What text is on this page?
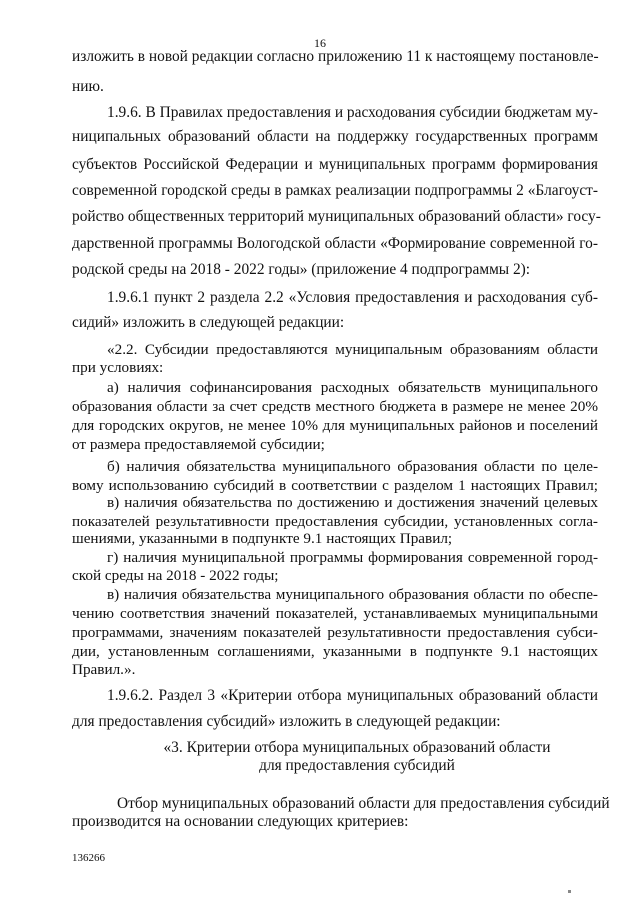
16
изложить в новой редакции согласно приложению 11 к настоящему постановле-
нию.
1.9.6. В Правилах предоставления и расходования субсидии бюджетам му-
ниципальных образований области на поддержку государственных программ
субъектов Российской Федерации и муниципальных программ формирования
современной городской среды в рамках реализации подпрограммы 2 «Благоуст-
ройство общественных территорий муниципальных образований области» госу-
дарственной программы Вологодской области «Формирование современной го-
родской среды на 2018 - 2022 годы» (приложение 4 подпрограммы 2):
1.9.6.1 пункт 2 раздела 2.2 «Условия предоставления и расходования суб-
сидий» изложить в следующей редакции:
«2.2. Субсидии предоставляются муниципальным образованиям области
при условиях:
а) наличия софинансирования расходных обязательств муниципального
образования области за счет средств местного бюджета в размере не менее 20%
для городских округов, не менее 10% для муниципальных районов и поселений
от размера предоставляемой субсидии;
б) наличия обязательства муниципального образования области по целе-
вому использованию субсидий в соответствии с разделом 1 настоящих Правил;
в) наличия обязательства по достижению и достижения значений целевых
показателей результативности предоставления субсидии, установленных согла-
шениями, указанными в подпункте 9.1 настоящих Правил;
г) наличия муниципальной программы формирования современной город-
ской среды на 2018 - 2022 годы;
в) наличия обязательства муниципального образования области по обеспе-
чению соответствия значений показателей, устанавливаемых муниципальными
программами, значениям показателей результативности предоставления субси-
дии, установленным соглашениями, указанными в подпункте 9.1 настоящих
Правил.».
1.9.6.2. Раздел 3 «Критерии отбора муниципальных образований области
для предоставления субсидий» изложить в следующей редакции:
«3. Критерии отбора муниципальных образований области
для предоставления субсидий
Отбор муниципальных образований области для предоставления субсидий
производится на основании следующих критериев:
136266
